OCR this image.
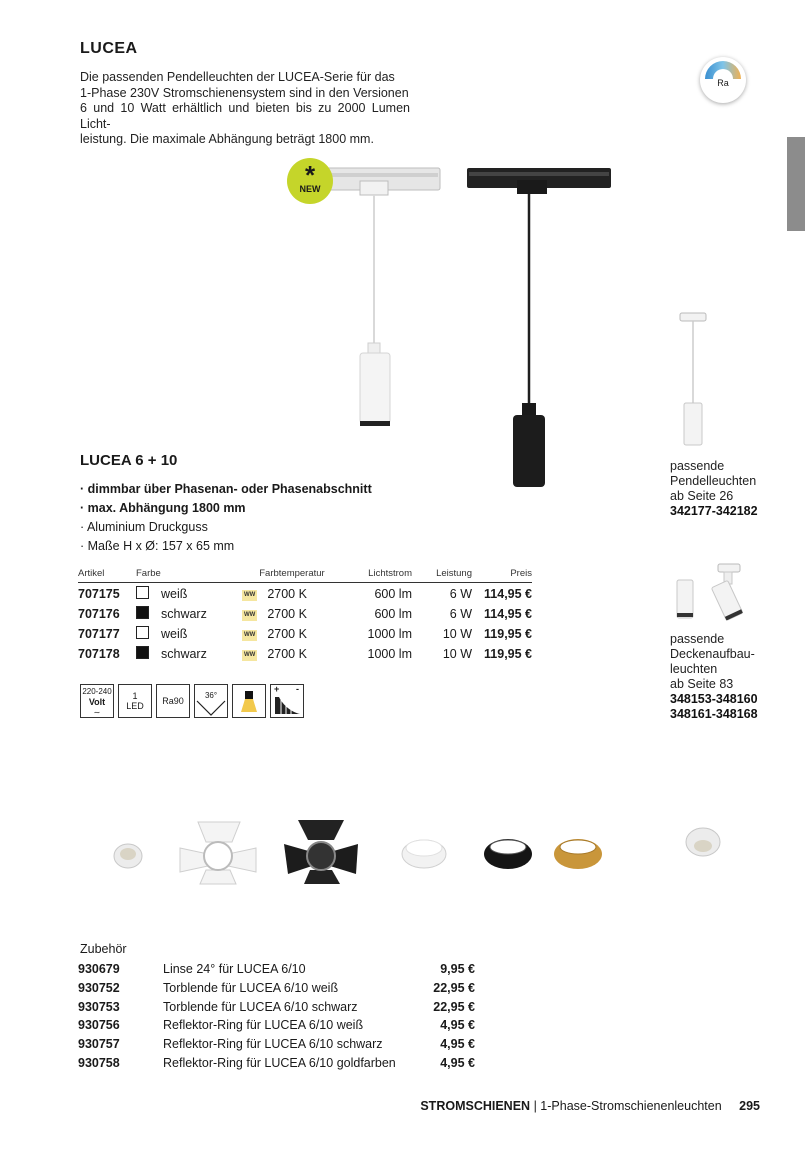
LUCEA

Die passenden Pendelleuchten der LUCEA-Serie für das

1-Phase 230V Stromschienensystem sind in den Versionen

6 und 10 Watt erhältlich und bieten bis zu 2000 Lumen Licht-

leistung. Die maximale Abhängung beträgt 1800 mm.

Ra
*
NEW
passende
Pendelleuchten
ab Seite 26
342177-342182
passende
Deckenaufbau-
leuchten
ab Seite 83
348153-348160
348161-348168
LUCEA 6 + 10
· dimmbar über Phasenan- oder Phasenabschnitt
· max. Abhängung 1800 mm
· Aluminium Druckguss
· Maße H x Ø: 157 x 65 mm
Artikel	Farbe	Farbtemperatur	Lichtstrom	Leistung	Preis
707175	weiß	WW 2700 K	600 lm	6 W	114,95 €
707176	schwarz	WW 2700 K	600 lm	6 W	114,95 €
707177	weiß	WW 2700 K	1000 lm	10 W	119,95 €
707178	schwarz	WW 2700 K	1000 lm	10 W	119,95 €
220-240
Volt
∼
1
LED Ra90
36°
+ -
Zubehör
930679	Linse 24° für LUCEA 6/10	9,95 €
930752	Torblende für LUCEA 6/10 weiß	22,95 €
930753	Torblende für LUCEA 6/10 schwarz	22,95 €
930756	Reflektor-Ring für LUCEA 6/10 weiß	4,95 €
930757	Reflektor-Ring für LUCEA 6/10 schwarz	4,95 €
930758	Reflektor-Ring für LUCEA 6/10 goldfarben	4,95 €
STROMSCHIENEN | 1-Phase-Stromschienenleuchten 295
